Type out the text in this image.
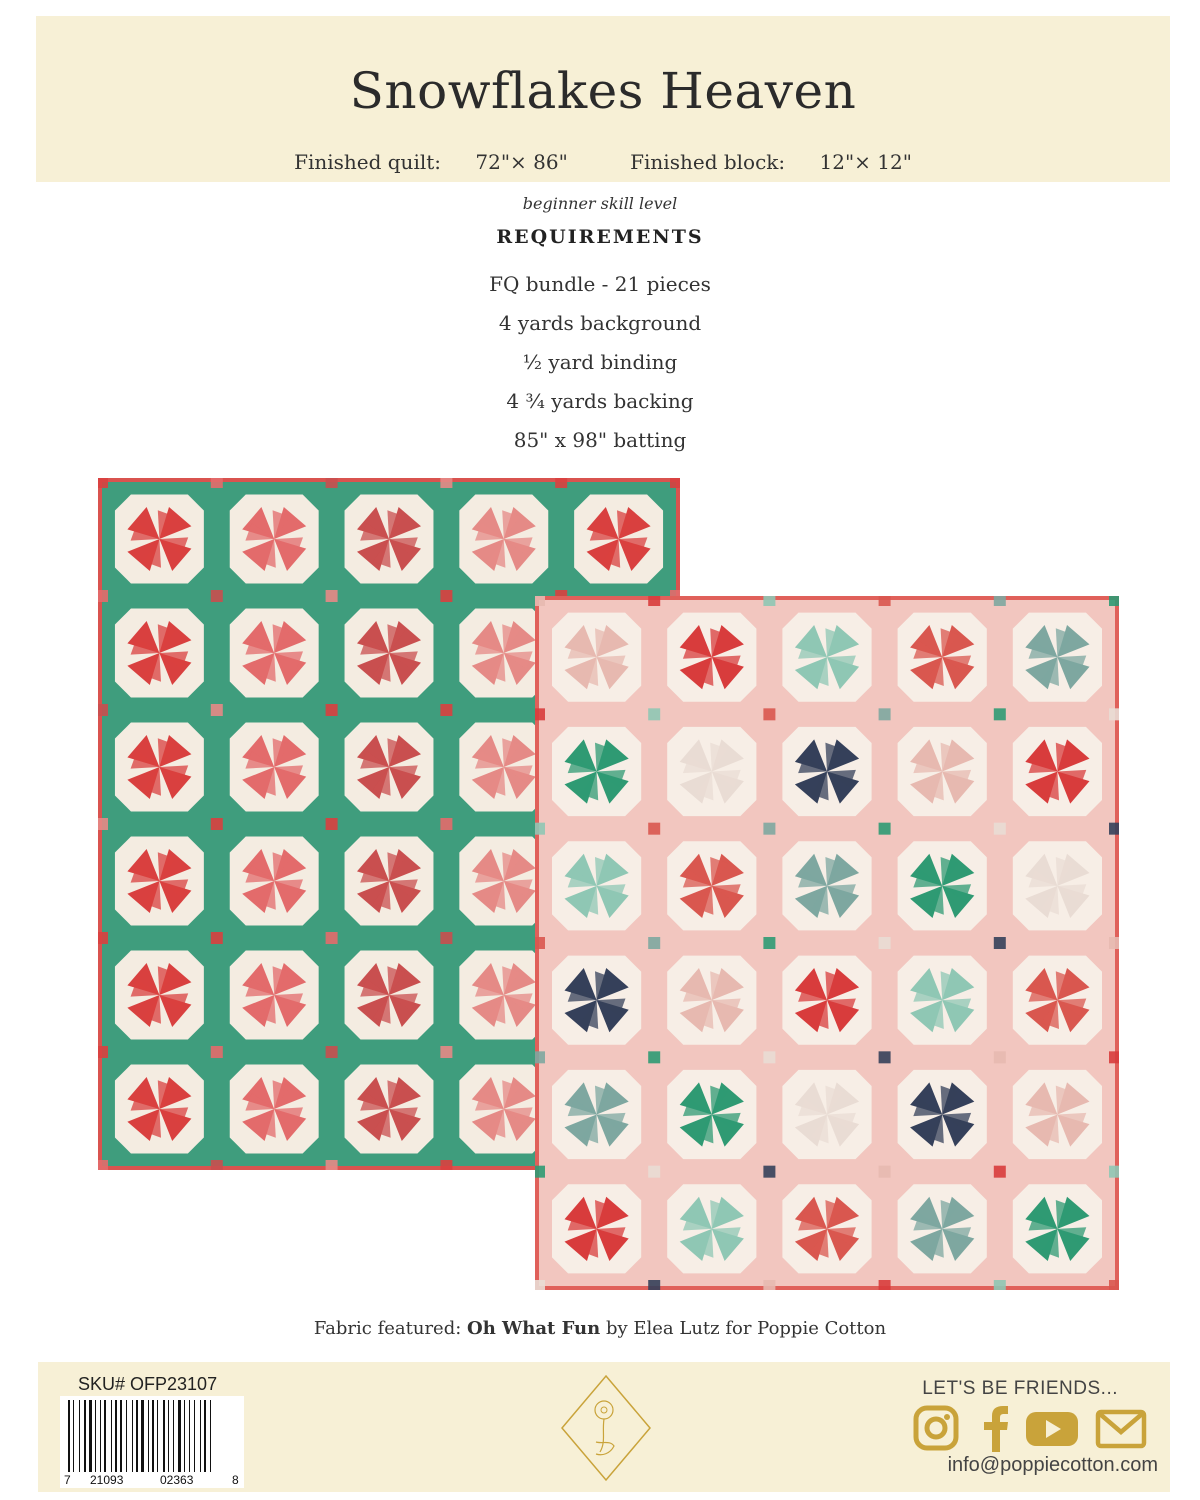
Snowflakes Heaven
Finished quilt: 72"× 86"	Finished block: 12"× 12"
beginner skill level
REQUIREMENTS
FQ bundle - 21 pieces
4 yards background
½ yard binding
4 ¾ yards backing
85" x 98" batting
Fabric featured: Oh What Fun by Elea Lutz for Poppie Cotton
SKU# OFP23107
7 21093	02363	8
LET'S BE FRIENDS...
info@poppiecotton.com
